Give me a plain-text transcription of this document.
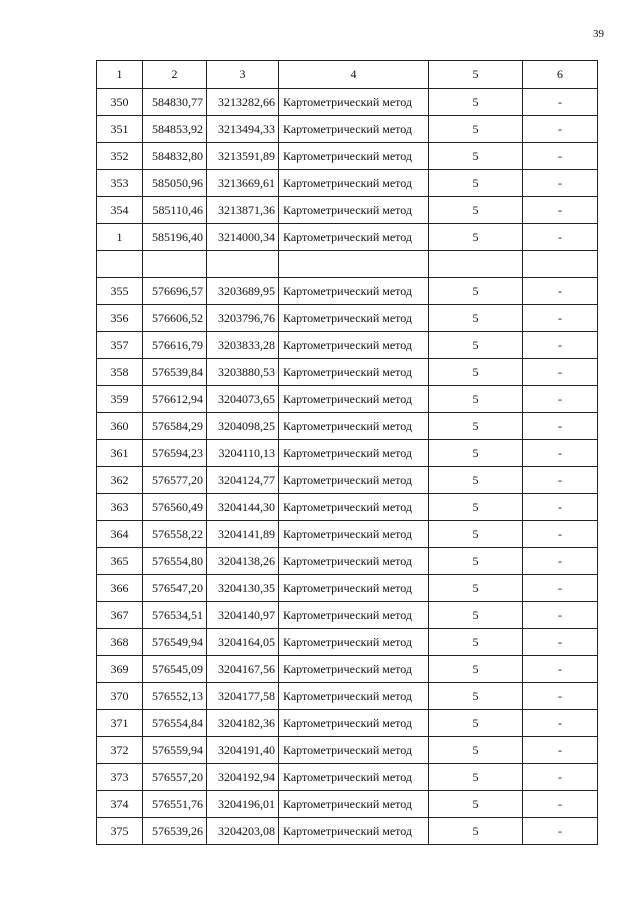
39
1	2	3	4	5	6
350	584830,77	3213282,66	Картометрический метод	5	-
351	584853,92	3213494,33	Картометрический метод	5	-
352	584832,80	3213591,89	Картометрический метод	5	-
353	585050,96	3213669,61	Картометрический метод	5	-
354	585110,46	3213871,36	Картометрический метод	5	-
1	585196,40	3214000,34	Картометрический метод	5	-

355	576696,57	3203689,95	Картометрический метод	5	-
356	576606,52	3203796,76	Картометрический метод	5	-
357	576616,79	3203833,28	Картометрический метод	5	-
358	576539,84	3203880,53	Картометрический метод	5	-
359	576612,94	3204073,65	Картометрический метод	5	-
360	576584,29	3204098,25	Картометрический метод	5	-
361	576594,23	3204110,13	Картометрический метод	5	-
362	576577,20	3204124,77	Картометрический метод	5	-
363	576560,49	3204144,30	Картометрический метод	5	-
364	576558,22	3204141,89	Картометрический метод	5	-
365	576554,80	3204138,26	Картометрический метод	5	-
366	576547,20	3204130,35	Картометрический метод	5	-
367	576534,51	3204140,97	Картометрический метод	5	-
368	576549,94	3204164,05	Картометрический метод	5	-
369	576545,09	3204167,56	Картометрический метод	5	-
370	576552,13	3204177,58	Картометрический метод	5	-
371	576554,84	3204182,36	Картометрический метод	5	-
372	576559,94	3204191,40	Картометрический метод	5	-
373	576557,20	3204192,94	Картометрический метод	5	-
374	576551,76	3204196,01	Картометрический метод	5	-
375	576539,26	3204203,08	Картометрический метод	5	-
